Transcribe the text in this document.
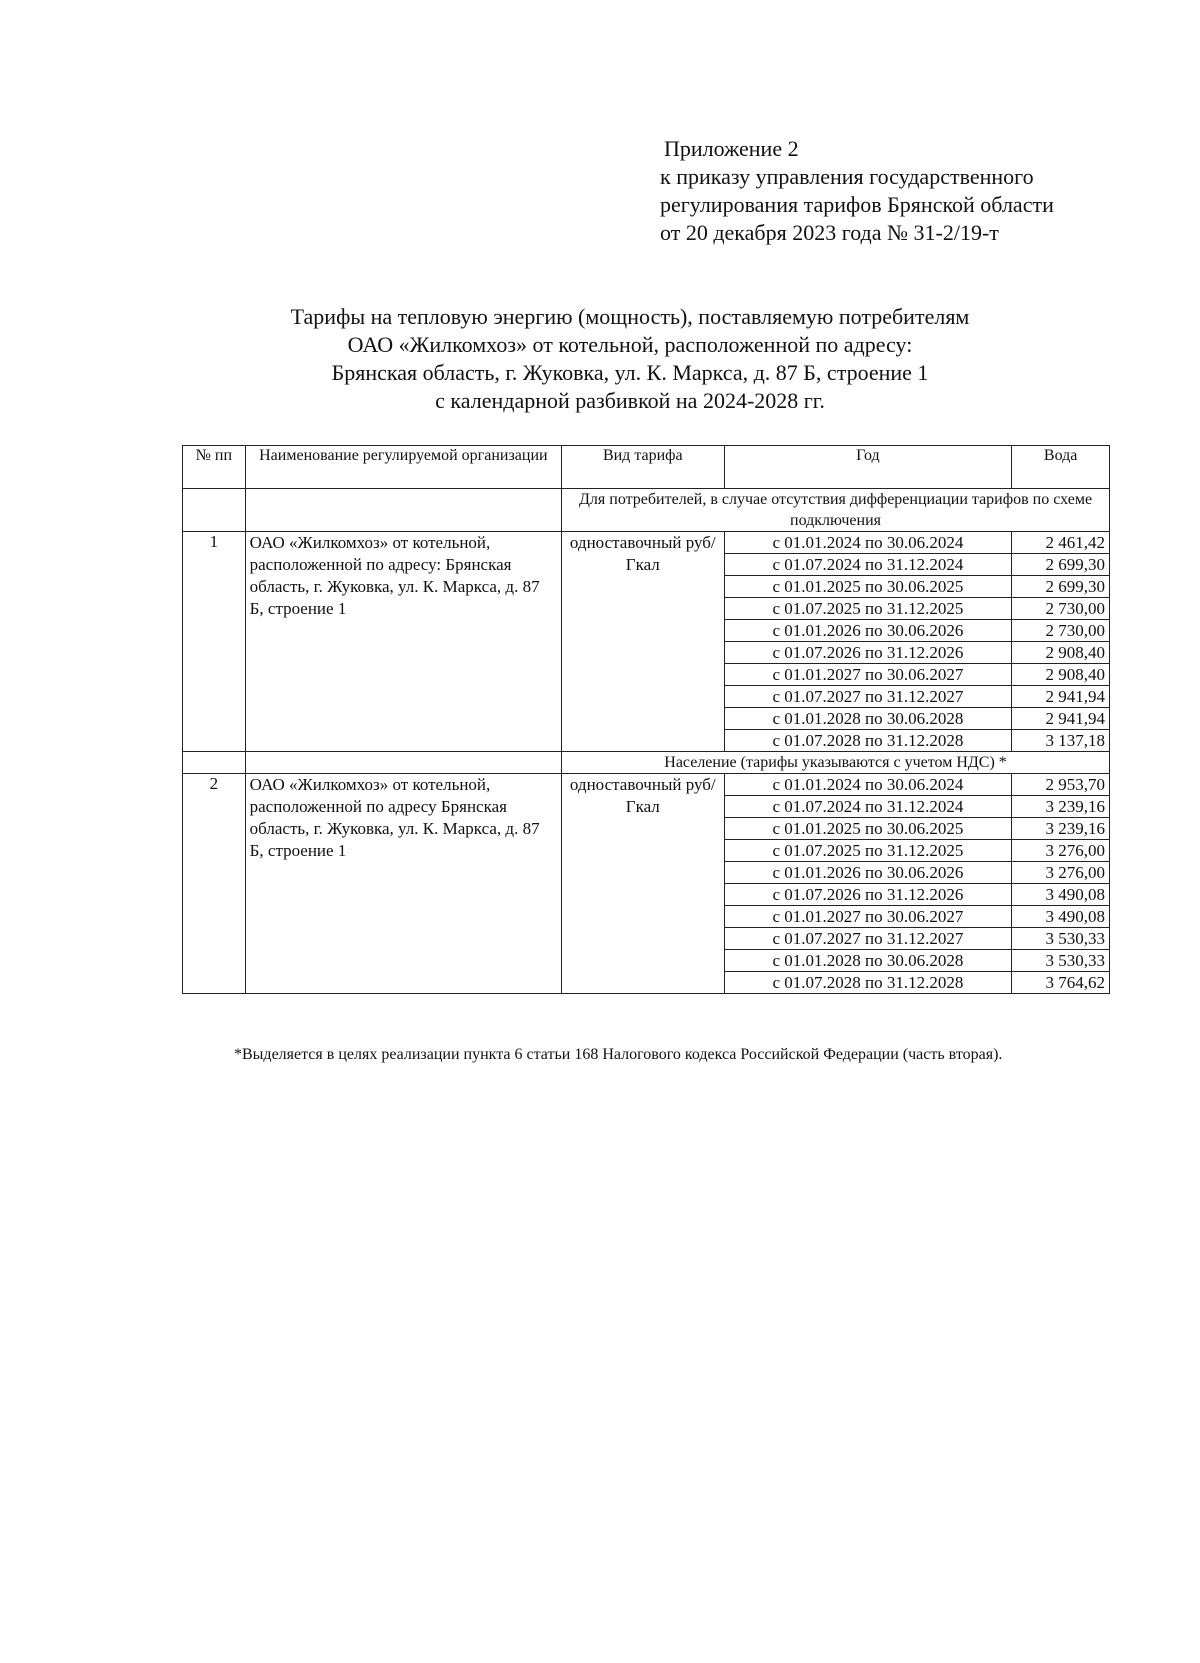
Приложение 2
к приказу управления государственного
регулирования тарифов Брянской области
от 20 декабря 2023 года № 31-2/19-т
Тарифы на тепловую энергию (мощность), поставляемую потребителям
ОАО «Жилкомхоз» от котельной, расположенной по адресу:
Брянская область, г. Жуковка, ул. К. Маркса, д. 87 Б, строение 1
с календарной разбивкой на 2024-2028 гг.
№ пп	Наименование регулируемой организации	Вид тарифа	Год	Вода
		Для потребителей, в случае отсутствия дифференциации тарифов по схеме подключения		
1	ОАО «Жилкомхоз» от котельной, расположенной по адресу: Брянская область, г. Жуковка, ул. К. Маркса, д. 87 Б, строение 1	одноставочный руб/Гкал	с 01.01.2024 по 30.06.2024	2 461,42
			с 01.07.2024 по 31.12.2024	2 699,30
			с 01.01.2025 по 30.06.2025	2 699,30
			с 01.07.2025 по 31.12.2025	2 730,00
			с 01.01.2026 по 30.06.2026	2 730,00
			с 01.07.2026 по 31.12.2026	2 908,40
			с 01.01.2027 по 30.06.2027	2 908,40
			с 01.07.2027 по 31.12.2027	2 941,94
			с 01.01.2028 по 30.06.2028	2 941,94
			с 01.07.2028 по 31.12.2028	3 137,18
		Население (тарифы указываются с учетом НДС) *		
2	ОАО «Жилкомхоз» от котельной, расположенной по адресу Брянская область, г. Жуковка, ул. К. Маркса, д. 87 Б, строение 1	одноставочный руб/Гкал	с 01.01.2024 по 30.06.2024	2 953,70
			с 01.07.2024 по 31.12.2024	3 239,16
			с 01.01.2025 по 30.06.2025	3 239,16
			с 01.07.2025 по 31.12.2025	3 276,00
			с 01.01.2026 по 30.06.2026	3 276,00
			с 01.07.2026 по 31.12.2026	3 490,08
			с 01.01.2027 по 30.06.2027	3 490,08
			с 01.07.2027 по 31.12.2027	3 530,33
			с 01.01.2028 по 30.06.2028	3 530,33
			с 01.07.2028 по 31.12.2028	3 764,62
*Выделяется в целях реализации пункта 6 статьи 168 Налогового кодекса Российской Федерации (часть вторая).
